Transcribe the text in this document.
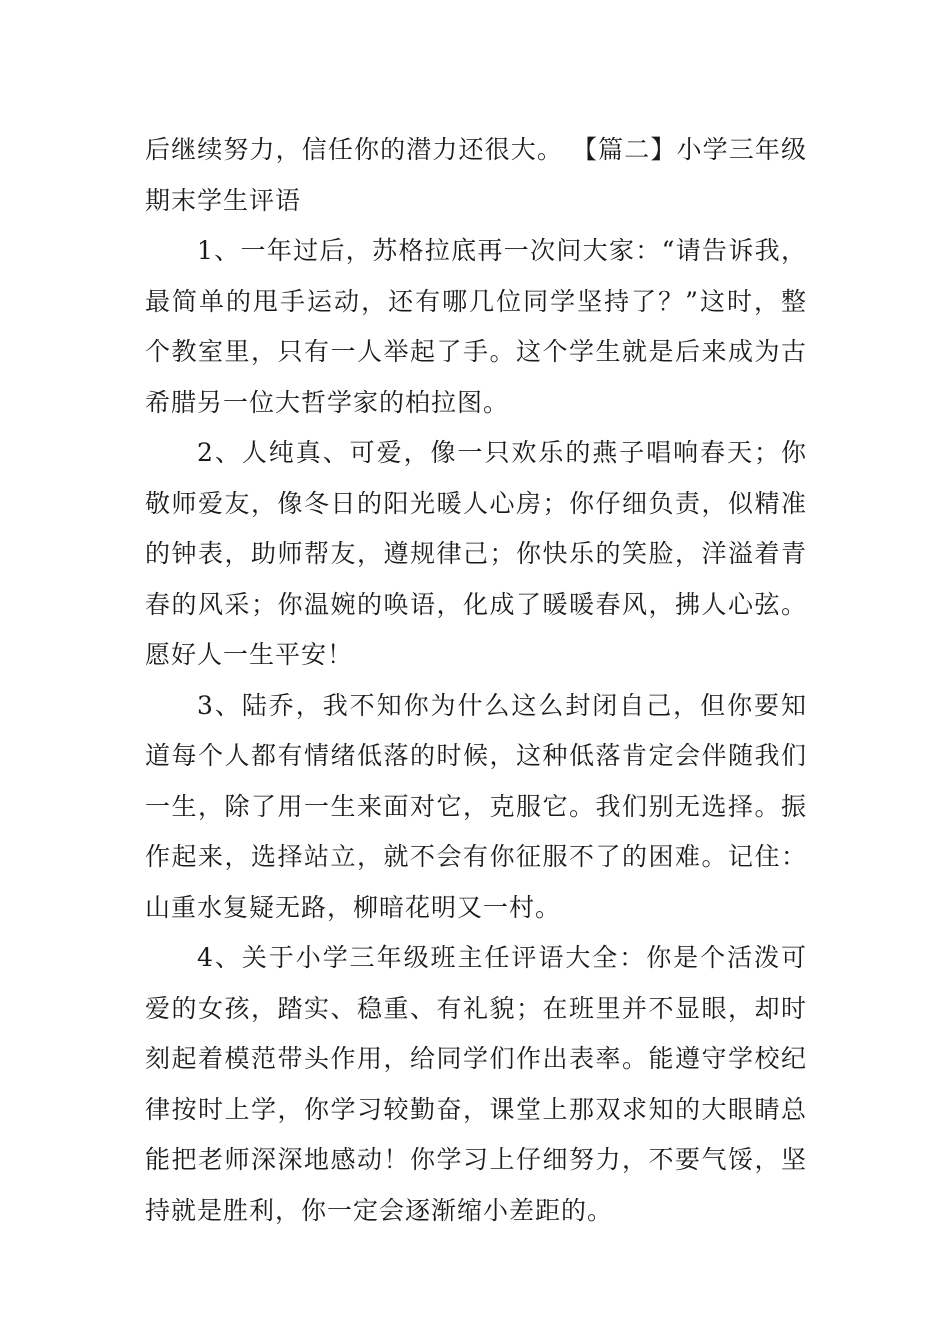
后继续努力，信任你的潜力还很大。 【篇二】小学三年级期末学生评语

1、一年过后，苏格拉底再一次问大家：“请告诉我，最简单的甩手运动，还有哪几位同学坚持了？”这时，整个教室里，只有一人举起了手。这个学生就是后来成为古希腊另一位大哲学家的柏拉图。

2、人纯真、可爱，像一只欢乐的燕子唱响春天；你敬师爱友，像冬日的阳光暖人心房；你仔细负责，似精准的钟表，助师帮友，遵规律己；你快乐的笑脸，洋溢着青春的风采；你温婉的唤语，化成了暖暖春风，拂人心弦。愿好人一生平安！

3、陆乔，我不知你为什么这么封闭自己，但你要知道每个人都有情绪低落的时候，这种低落肯定会伴随我们一生，除了用一生来面对它，克服它。我们别无选择。振作起来，选择站立，就不会有你征服不了的困难。记住：山重水复疑无路，柳暗花明又一村。

4、关于小学三年级班主任评语大全：你是个活泼可爱的女孩，踏实、稳重、有礼貌；在班里并不显眼，却时刻起着模范带头作用，给同学们作出表率。能遵守学校纪律按时上学，你学习较勤奋，课堂上那双求知的大眼睛总能把老师深深地感动！你学习上仔细努力，不要气馁，坚持就是胜利，你一定会逐渐缩小差距的。
